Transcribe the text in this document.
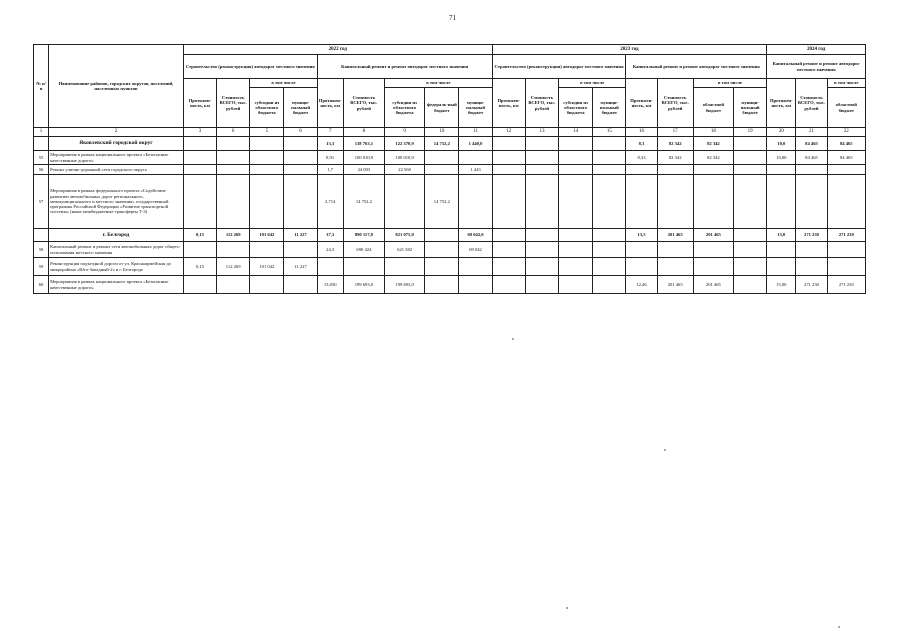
71
№ п/п	Наименование районов, городских округов, поселений, населенных пунктов	2022 год									2023 год								2024 год		
		Строительство (реконструкция) автодорог местного значения				Капитальный ремонт и ремонт автодорог местного значения					Строительство (реконструкция) автодорог местного значения				Капитальный ремонт и ремонт автодорог местного значения				Капитальный ремонт и ремонт автодорог местного значения		
		Протяжен-ность, км	Стоимость ВСЕГО, тыс. рублей	в том числе		Протяжен-ность, км	Стоимость ВСЕГО, тыс. рублей	в том числе			Протяжен-ность, км	Стоимость ВСЕГО, тыс. рублей	в том числе		Протяжен-ность, км	Стоимость ВСЕГО, тыс. рублей	в том числе		Протяжен-ность, км	Стоимость ВСЕГО, тыс. рублей	в том числе
				субсидии из областного бюджета	муници-пальный бюджет			субсидии из областного бюджета	федераль-ный бюджет	муници-пальный бюджет			субсидии из областного бюджета	муници-пальный бюджет			областной бюджет	муници-пальный бюджет			областной бюджет
1	2	3	6	5	6	7	8	9	10	11	12	13	14	15	16	17	18	19	20	21	22
	Яковлевский городской округ					13,3	138 763,1	122 570,9	14 752,2	1 440,0					8,3	82 342	82 342		10,0	84 465	84 465
55	Мероприятия в рамках национального проекта «Безопасные качественные дороги»					8,91	100 010,9	100 010,9							8,33	82 342	82 342		10,00	84 465	84 465
56	Ремонт улично-дорожной сети городского округа					1,7	24 003	22 560		1 443											
57	Мероприятия в рамках федерального проекта «Содействие развитию автомобильных дорог регионального, межмуниципального и местного значения» государственной программы Российской Федерации «Развитие транспортной системы» (иные межбюджетные трансферты Т-3)					2,714	14 752,2		14 752,2												
	г. Белгород	0,15	112 269	101 042	11 227	37,3	890 117,0	821 075,0		69 042,0					13,5	201 465	201 465		15,0	271 230	271 230
58	Капитальный ремонт и ремонт сети автомобильных дорог общего пользования местного значения					24,3	690 424	621 382		69 042											
59	Реконструкция подъездной дороги от ул. Красноармейская до микрорайона «Юго-Западный-2» в г. Белгороде	0,15	112 269	101 042	11 227																
60	Мероприятия в рамках национального проекта «Безопасные качественные дороги»					13,030	199 693,0	199 693,0							12,46	201 465	201 465		15,00	271 230	271 230
